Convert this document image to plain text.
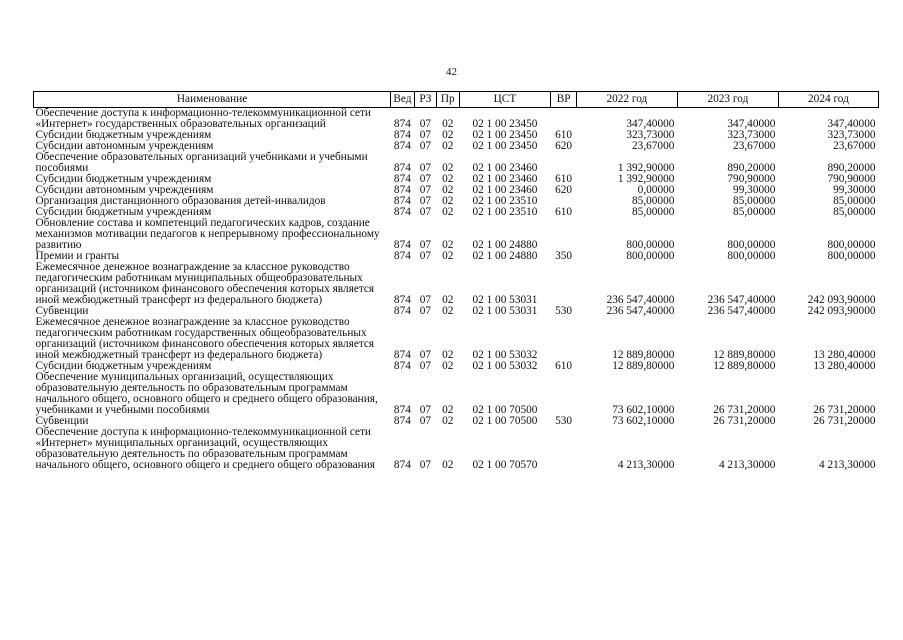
42
Наименование	Вед	РЗ	Пр	ЦСТ	ВР	2022 год	2023 год	2024 год
Обеспечение доступа к информационно-телекоммуникационной сети «Интернет» государственных образовательных организаций	874	07	02	02 1 00 23450		347,40000	347,40000	347,40000
Субсидии бюджетным учреждениям	874	07	02	02 1 00 23450	610	323,73000	323,73000	323,73000
Субсидии автономным учреждениям	874	07	02	02 1 00 23450	620	23,67000	23,67000	23,67000
Обеспечение образовательных организаций учебниками и учебными пособиями	874	07	02	02 1 00 23460		1 392,90000	890,20000	890,20000
Субсидии бюджетным учреждениям	874	07	02	02 1 00 23460	610	1 392,90000	790,90000	790,90000
Субсидии автономным учреждениям	874	07	02	02 1 00 23460	620	0,00000	99,30000	99,30000
Организация дистанционного образования детей-инвалидов	874	07	02	02 1 00 23510		85,00000	85,00000	85,00000
Субсидии бюджетным учреждениям	874	07	02	02 1 00 23510	610	85,00000	85,00000	85,00000
Обновление состава и компетенций педагогических кадров, создание механизмов мотивации педагогов к непрерывному профессиональному развитию	874	07	02	02 1 00 24880		800,00000	800,00000	800,00000
Премии и гранты	874	07	02	02 1 00 24880	350	800,00000	800,00000	800,00000
Ежемесячное денежное вознаграждение за классное руководство педагогическим работникам муниципальных общеобразовательных организаций (источником финансового обеспечения которых является иной межбюджетный трансферт из федерального бюджета)	874	07	02	02 1 00 53031		236 547,40000	236 547,40000	242 093,90000
Субвенции	874	07	02	02 1 00 53031	530	236 547,40000	236 547,40000	242 093,90000
Ежемесячное денежное вознаграждение за классное руководство педагогическим работникам государственных общеобразовательных организаций (источником финансового обеспечения которых является иной межбюджетный трансферт из федерального бюджета)	874	07	02	02 1 00 53032		12 889,80000	12 889,80000	13 280,40000
Субсидии бюджетным учреждениям	874	07	02	02 1 00 53032	610	12 889,80000	12 889,80000	13 280,40000
Обеспечение муниципальных организаций, осуществляющих образовательную деятельность по образовательным программам начального общего, основного общего и среднего общего образования, учебниками и учебными пособиями	874	07	02	02 1 00 70500		73 602,10000	26 731,20000	26 731,20000
Субвенции	874	07	02	02 1 00 70500	530	73 602,10000	26 731,20000	26 731,20000
Обеспечение доступа к информационно-телекоммуникационной сети «Интернет» муниципальных организаций, осуществляющих образовательную деятельность по образовательным программам начального общего, основного общего и среднего общего образования	874	07	02	02 1 00 70570		4 213,30000	4 213,30000	4 213,30000
